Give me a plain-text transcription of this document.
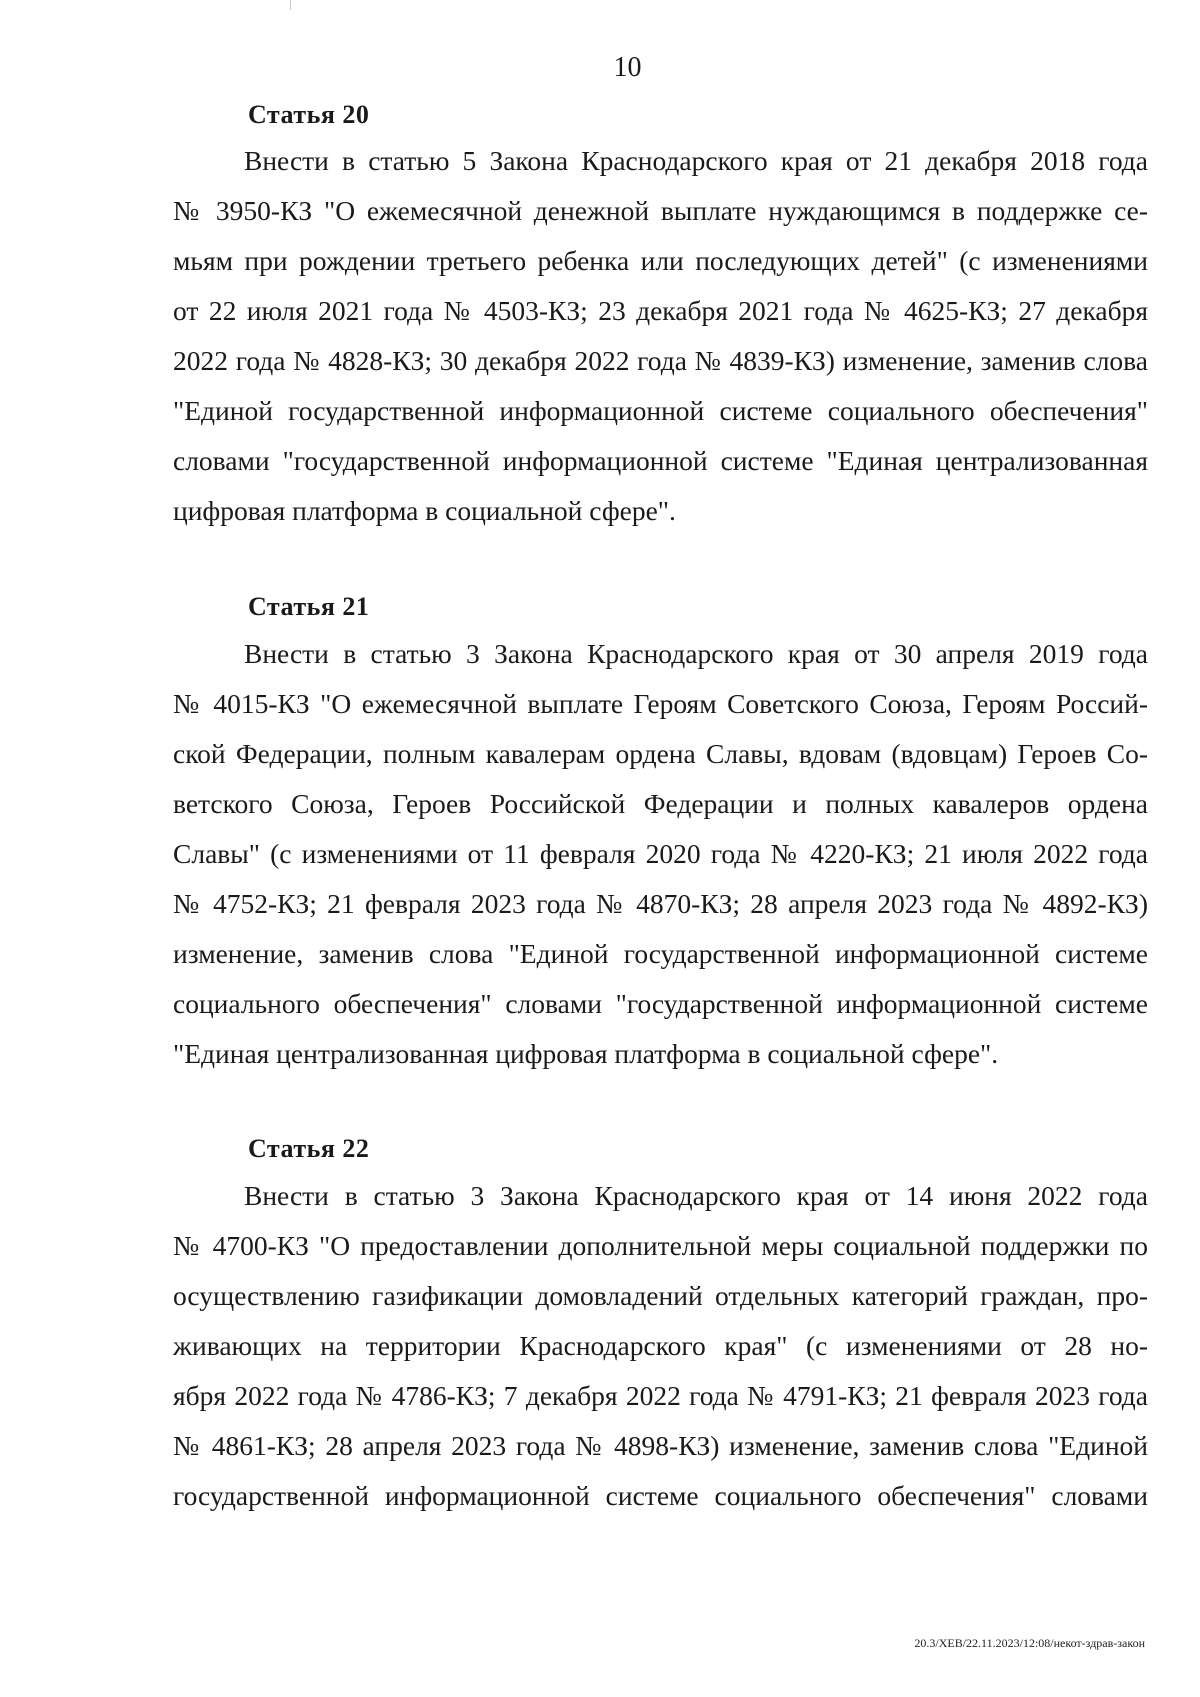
10
Статья 20
Внести в статью 5 Закона Краснодарского края от 21 декабря 2018 года
№ 3950-КЗ "О ежемесячной денежной выплате нуждающимся в поддержке се-
мьям при рождении третьего ребенка или последующих детей" (с изменениями
от 22 июля 2021 года № 4503-КЗ; 23 декабря 2021 года № 4625-КЗ; 27 декабря
2022 года № 4828-КЗ; 30 декабря 2022 года № 4839-КЗ) изменение, заменив слова
"Единой государственной информационной системе социального обеспечения"
словами "государственной информационной системе "Единая централизованная
цифровая платформа в социальной сфере".
Статья 21
Внести в статью 3 Закона Краснодарского края от 30 апреля 2019 года
№ 4015-КЗ "О ежемесячной выплате Героям Советского Союза, Героям Россий-
ской Федерации, полным кавалерам ордена Славы, вдовам (вдовцам) Героев Со-
ветского Союза, Героев Российской Федерации и полных кавалеров ордена
Славы" (с изменениями от 11 февраля 2020 года № 4220-КЗ; 21 июля 2022 года
№ 4752-КЗ; 21 февраля 2023 года № 4870-КЗ; 28 апреля 2023 года № 4892-КЗ)
изменение, заменив слова "Единой государственной информационной системе
социального обеспечения" словами "государственной информационной системе
"Единая централизованная цифровая платформа в социальной сфере".
Статья 22
Внести в статью 3 Закона Краснодарского края от 14 июня 2022 года
№ 4700-КЗ "О предоставлении дополнительной меры социальной поддержки по
осуществлению газификации домовладений отдельных категорий граждан, про-
живающих на территории Краснодарского края" (с изменениями от 28 но-
ября 2022 года № 4786-КЗ; 7 декабря 2022 года № 4791-КЗ; 21 февраля 2023 года
№ 4861-КЗ; 28 апреля 2023 года № 4898-КЗ) изменение, заменив слова "Единой
государственной информационной системе социального обеспечения" словами
20.3/ХЕВ/22.11.2023/12:08/некот-здрав-закон
